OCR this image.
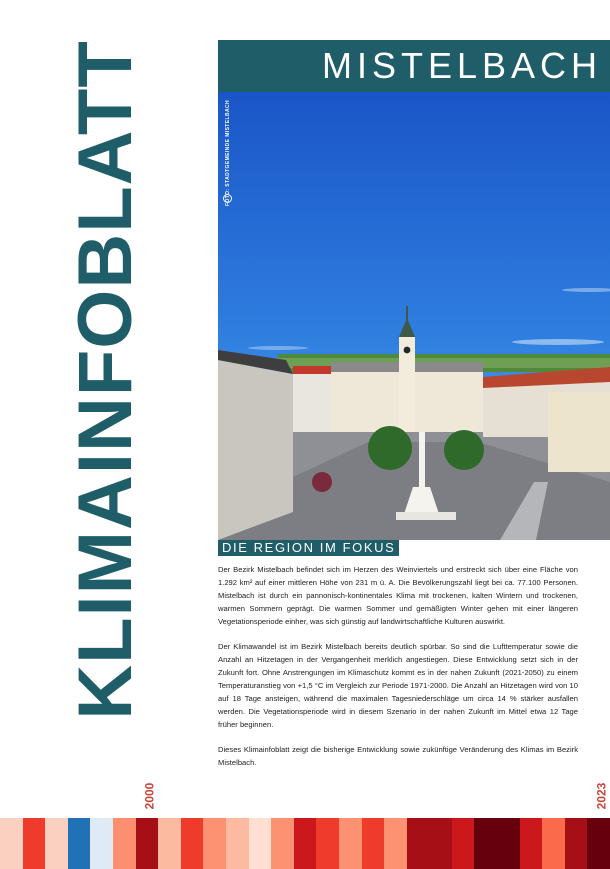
KLIMAINFOBLATT
2000	2023
MISTELBACH
FOTO: STADTGEMEINDE MISTELBACH
DIE REGION IM FOKUS

Der Bezirk Mistelbach befindet sich im Herzen des Weinviertels und erstreckt sich über eine Fläche von 1.292 km² auf einer mittleren Höhe von 231 m ü. A. Die Bevölkerungszahl liegt bei ca. 77.100 Personen. Mistelbach ist durch ein pannonisch-kontinentales Klima mit trockenen, kalten Wintern und trockenen, warmen Sommern geprägt. Die warmen Sommer und gemäßigten Winter gehen mit einer längeren Vegetationsperiode einher, was sich günstig auf landwirtschaftliche Kulturen auswirkt.

Der Klimawandel ist im Bezirk Mistelbach bereits deutlich spürbar. So sind die Lufttemperatur sowie die Anzahl an Hitzetagen in der Vergangenheit merklich angestiegen. Diese Entwicklung setzt sich in der Zukunft fort. Ohne Anstrengungen im Klimaschutz kommt es in der nahen Zukunft (2021-2050) zu einem Temperaturanstieg von +1,5 °C im Vergleich zur Periode 1971-2000. Die Anzahl an Hitzetagen wird von 10 auf 18 Tage ansteigen, während die maximalen Tagesniederschläge um circa 14 % stärker ausfallen werden. Die Vegetationsperiode wird in diesem Szenario in der nahen Zukunft im Mittel etwa 12 Tage früher beginnen.

Dieses Klimainfoblatt zeigt die bisherige Entwicklung sowie zukünftige Veränderung des Klimas im Bezirk Mistelbach.
